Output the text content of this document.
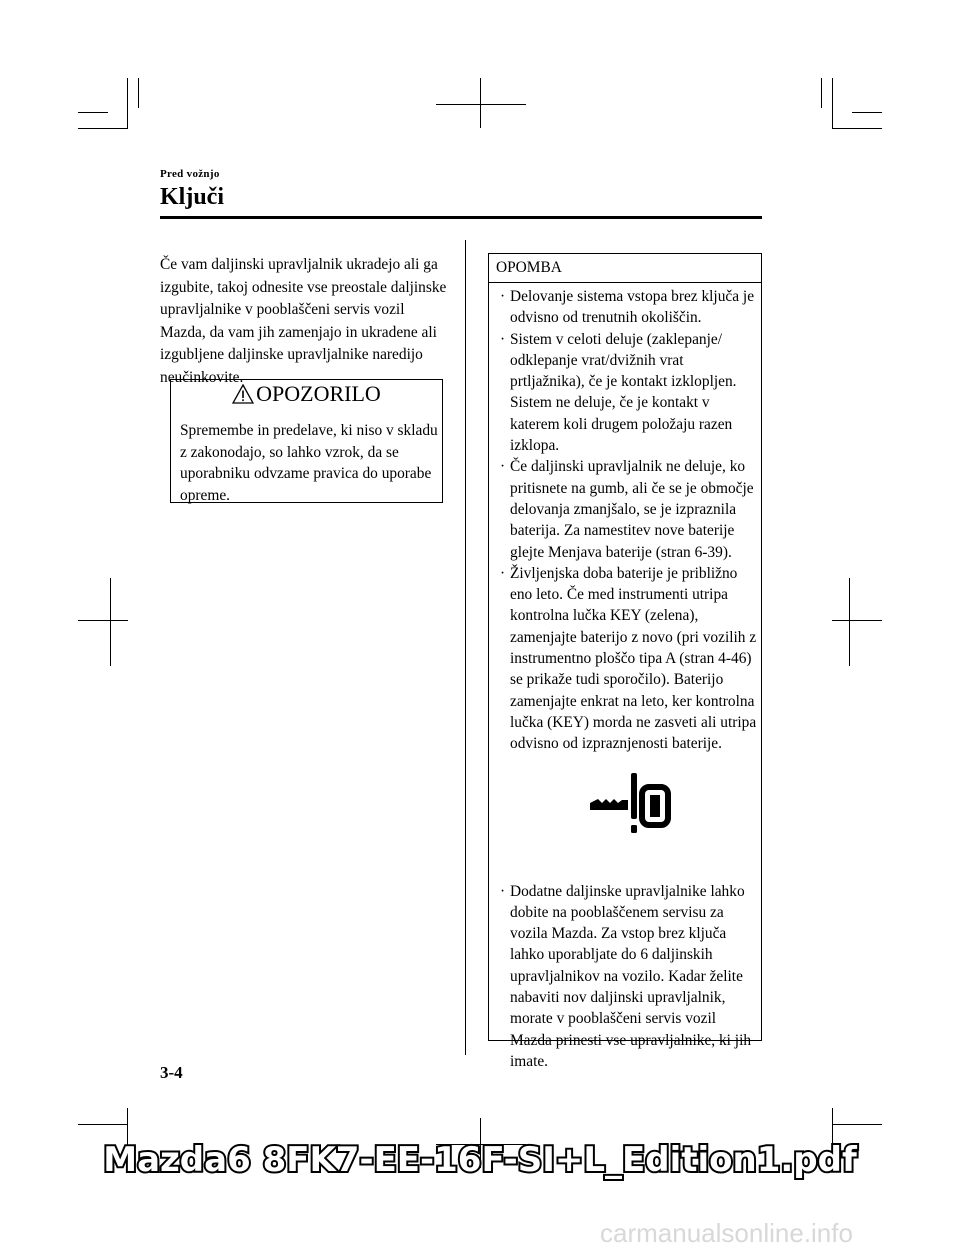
Pred vožnjo
Ključi

Če vam daljinski upravljalnik ukradejo ali ga izgubite, takoj odnesite vse preostale daljinske upravljalnike v pooblaščeni servis vozil Mazda, da vam jih zamenjajo in ukradene ali izgubljene daljinske upravljalnike naredijo neučinkovite.

OPOZORILO
Spremembe in predelave, ki niso v skladu z zakonodajo, so lahko vzrok, da se uporabniku odvzame pravica do uporabe opreme.
OPOMBA
· Delovanje sistema vstopa brez ključa je odvisno od trenutnih okoliščin.
· Sistem v celoti deluje (zaklepanje/ odklepanje vrat/dvižnih vrat prtljažnika), če je kontakt izklopljen. Sistem ne deluje, če je kontakt v katerem koli drugem položaju razen izklopa.
· Če daljinski upravljalnik ne deluje, ko pritisnete na gumb, ali če se je območje delovanja zmanjšalo, se je izpraznila baterija. Za namestitev nove baterije glejte Menjava baterije (stran 6-39).
· Življenjska doba baterije je približno eno leto. Če med instrumenti utripa kontrolna lučka KEY (zelena), zamenjajte baterijo z novo (pri vozilih z instrumentno ploščo tipa A (stran 4-46) se prikaže tudi sporočilo). Baterijo zamenjajte enkrat na leto, ker kontrolna lučka (KEY) morda ne zasveti ali utripa odvisno od izpraznjenosti baterije.
· Dodatne daljinske upravljalnike lahko dobite na pooblaščenem servisu za vozila Mazda. Za vstop brez ključa lahko uporabljate do 6 daljinskih upravljalnikov na vozilo. Kadar želite nabaviti nov daljinski upravljalnik, morate v pooblaščeni servis vozil Mazda prinesti vse upravljalnike, ki jih imate.
3-4
Mazda6 8FK7-EE-16F-SI+L_Edition1.pdf
carmanualsonline.info
